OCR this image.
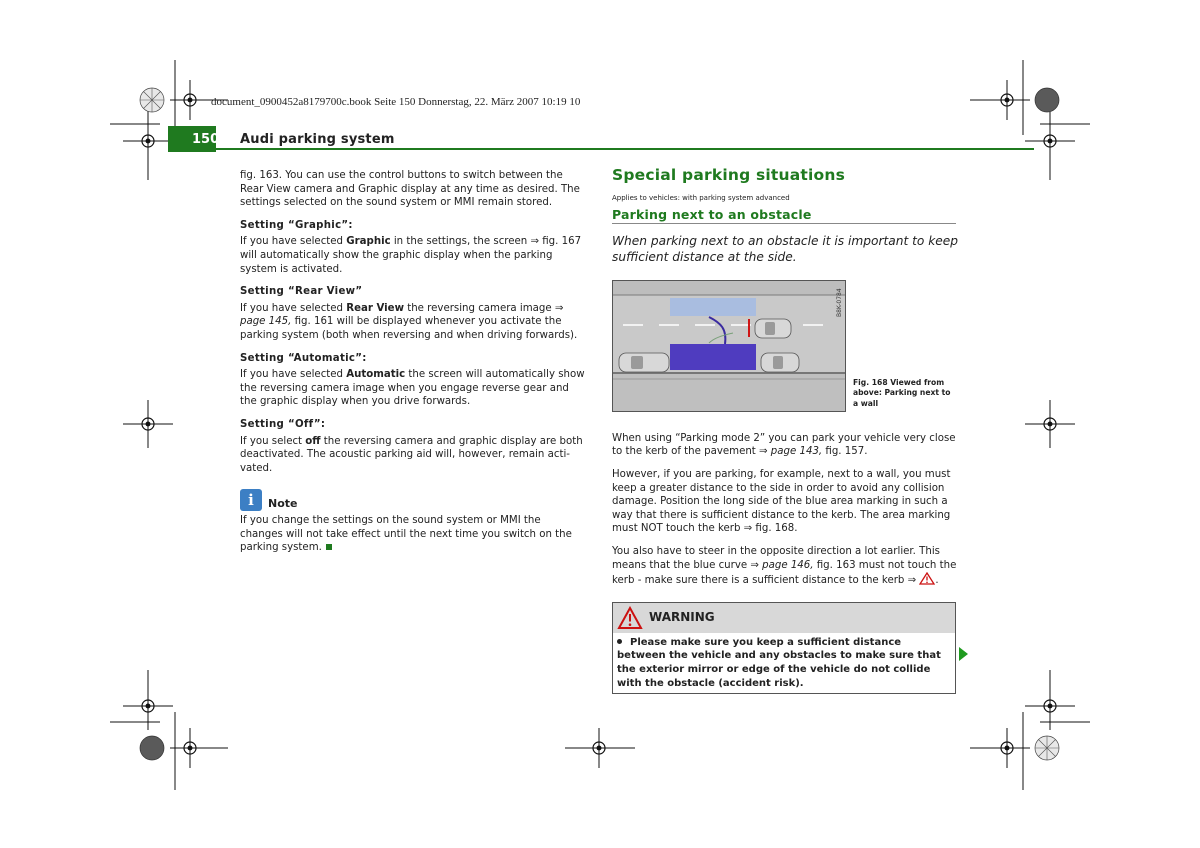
document_0900452a8179700c.book Seite 150 Donnerstag, 22. März 2007 10:19 10
150 Audi parking system

fig. 163. You can use the control buttons to switch between the Rear View camera and Graphic display at any time as desired. The settings selected on the sound system or MMI remain stored.

Setting “Graphic”:

If you have selected Graphic in the settings, the screen ⇒ fig. 167 will automatically show the graphic display when the parking system is activated.

Setting “Rear View”

If you have selected Rear View the reversing camera image ⇒ page 145, fig. 161 will be displayed whenever you activate the parking system (both when reversing and when driving forwards).

Setting “Automatic”:

If you have selected Automatic the screen will automatically show the reversing camera image when you engage reverse gear and the graphic display when you drive forwards.

Setting “Off”:

If you select off the reversing camera and graphic display are both deactivated. The acoustic parking aid will, however, remain acti-vated.

i	Note

If you change the settings on the sound system or MMI the changes will not take effect until the next time you switch on the parking system.

Special parking situations

Applies to vehicles: with parking system advanced

Parking next to an obstacle

When parking next to an obstacle it is important to keep sufficient distance at the side.

B8K-0784
Fig. 168 Viewed from above: Parking next to a wall

When using “Parking mode 2” you can park your vehicle very close to the kerb of the pavement ⇒ page 143, fig. 157.

However, if you are parking, for example, next to a wall, you must keep a greater distance to the side in order to avoid any collision damage. Position the long side of the blue area marking in such a way that there is sufficient distance to the kerb. The area marking must NOT touch the kerb ⇒ fig. 168.

You also have to steer in the opposite direction a lot earlier. This means that the blue curve ⇒ page 146, fig. 163 must not touch the kerb - make sure there is a sufficient distance to the kerb ⇒ .

WARNING
Please make sure you keep a sufficient distance between the vehicle and any obstacles to make sure that the exterior mirror or edge of the vehicle do not collide with the obstacle (accident risk).
